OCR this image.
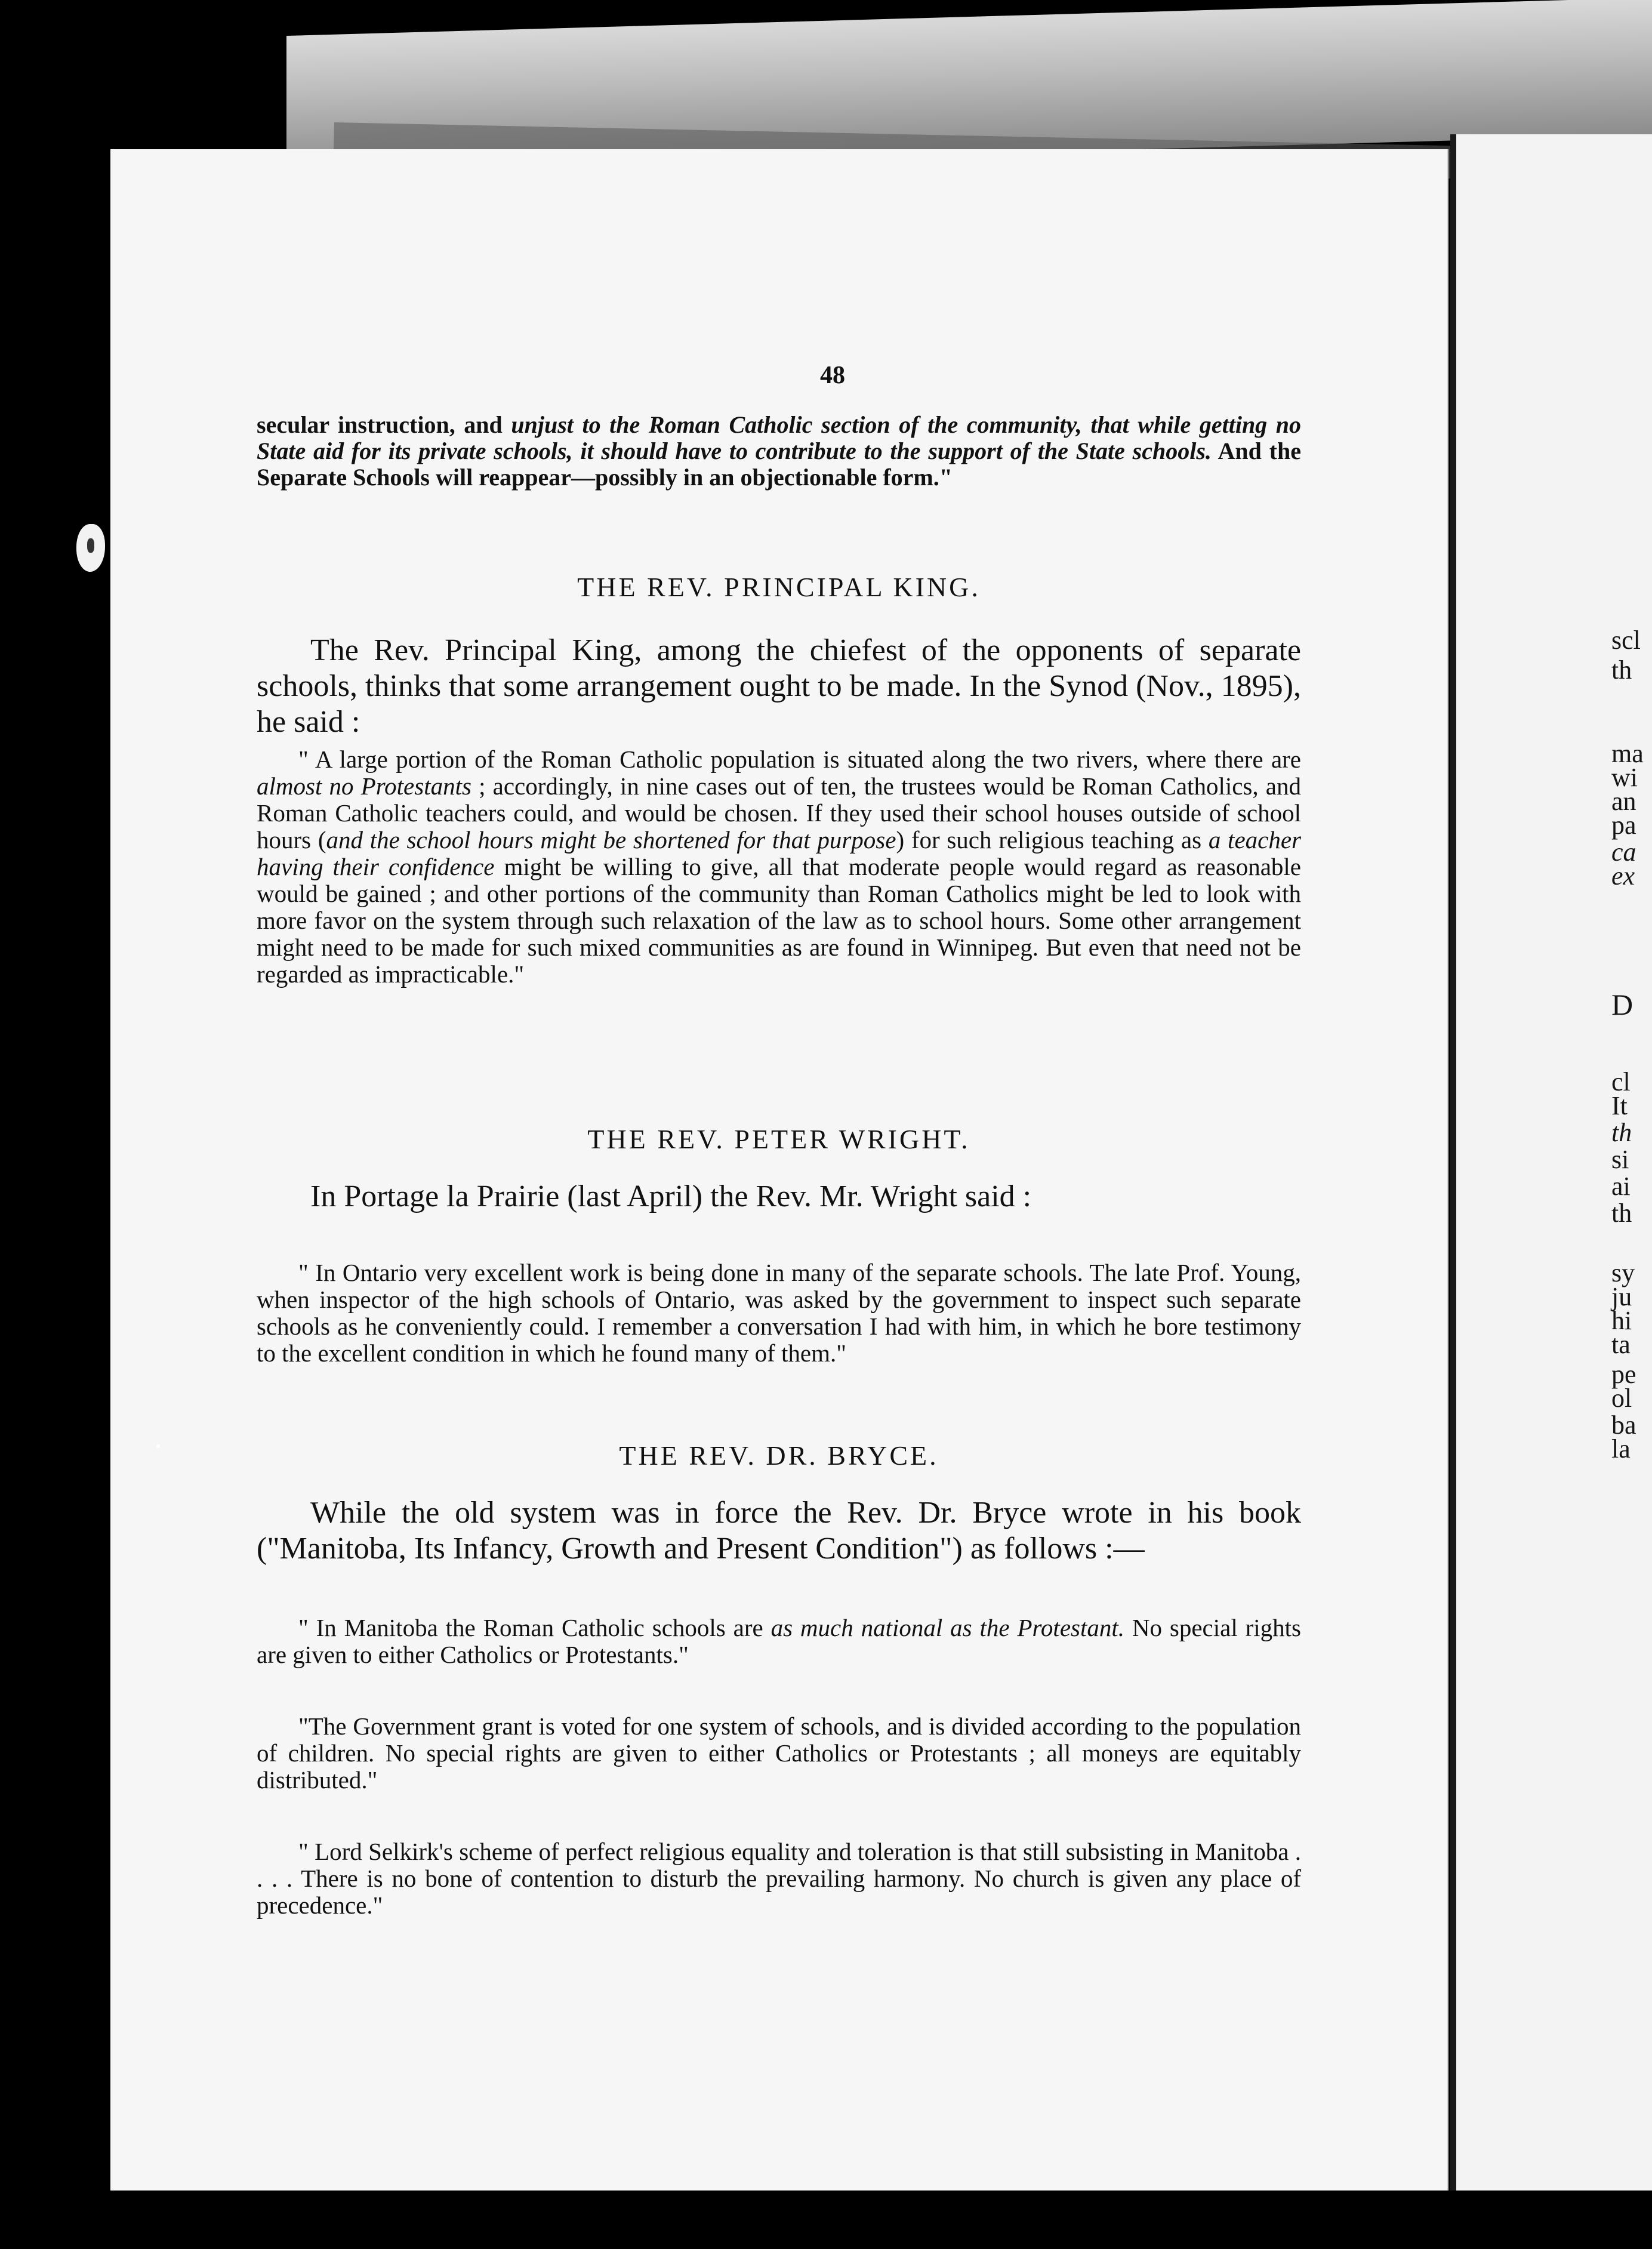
scl
th
ma
wi
an
pa
ca
ex
D
cl
It
th
si
ai
th
sy
ju
hi
ta
pe
ol
ba
la
48

secular instruction, and unjust to the Roman Catholic section of the community, that while getting no State aid for its private schools, it should have to contribute to the support of the State schools. And the Separate Schools will reappear—possibly in an objectionable form."

THE REV. PRINCIPAL KING.

The Rev. Principal King, among the chiefest of the opponents of separate schools, thinks that some arrangement ought to be made. In the Synod (Nov., 1895), he said :

" A large portion of the Roman Catholic population is situated along the two rivers, where there are almost no Protestants ; accordingly, in nine cases out of ten, the trustees would be Roman Catholics, and Roman Catholic teachers could, and would be chosen. If they used their school houses outside of school hours (and the school hours might be shortened for that purpose) for such religious teaching as a teacher having their confidence might be willing to give, all that moderate people would regard as reasonable would be gained ; and other portions of the community than Roman Catholics might be led to look with more favor on the system through such relaxation of the law as to school hours. Some other arrangement might need to be made for such mixed communities as are found in Winnipeg. But even that need not be regarded as impracticable."

THE REV. PETER WRIGHT.

In Portage la Prairie (last April) the Rev. Mr. Wright said :

" In Ontario very excellent work is being done in many of the separate schools. The late Prof. Young, when inspector of the high schools of Ontario, was asked by the government to inspect such separate schools as he conveniently could. I remember a conversation I had with him, in which he bore testimony to the excellent condition in which he found many of them."

THE REV. DR. BRYCE.

While the old system was in force the Rev. Dr. Bryce wrote in his book ("Manitoba, Its Infancy, Growth and Present Condition") as follows :—

" In Manitoba the Roman Catholic schools are as much national as the Protestant. No special rights are given to either Catholics or Protestants."

"The Government grant is voted for one system of schools, and is divided according to the population of children. No special rights are given to either Catholics or Protestants ; all moneys are equitably distributed."

" Lord Selkirk's scheme of perfect religious equality and toleration is that still subsisting in Manitoba . . . . There is no bone of contention to disturb the prevailing harmony. No church is given any place of precedence."
